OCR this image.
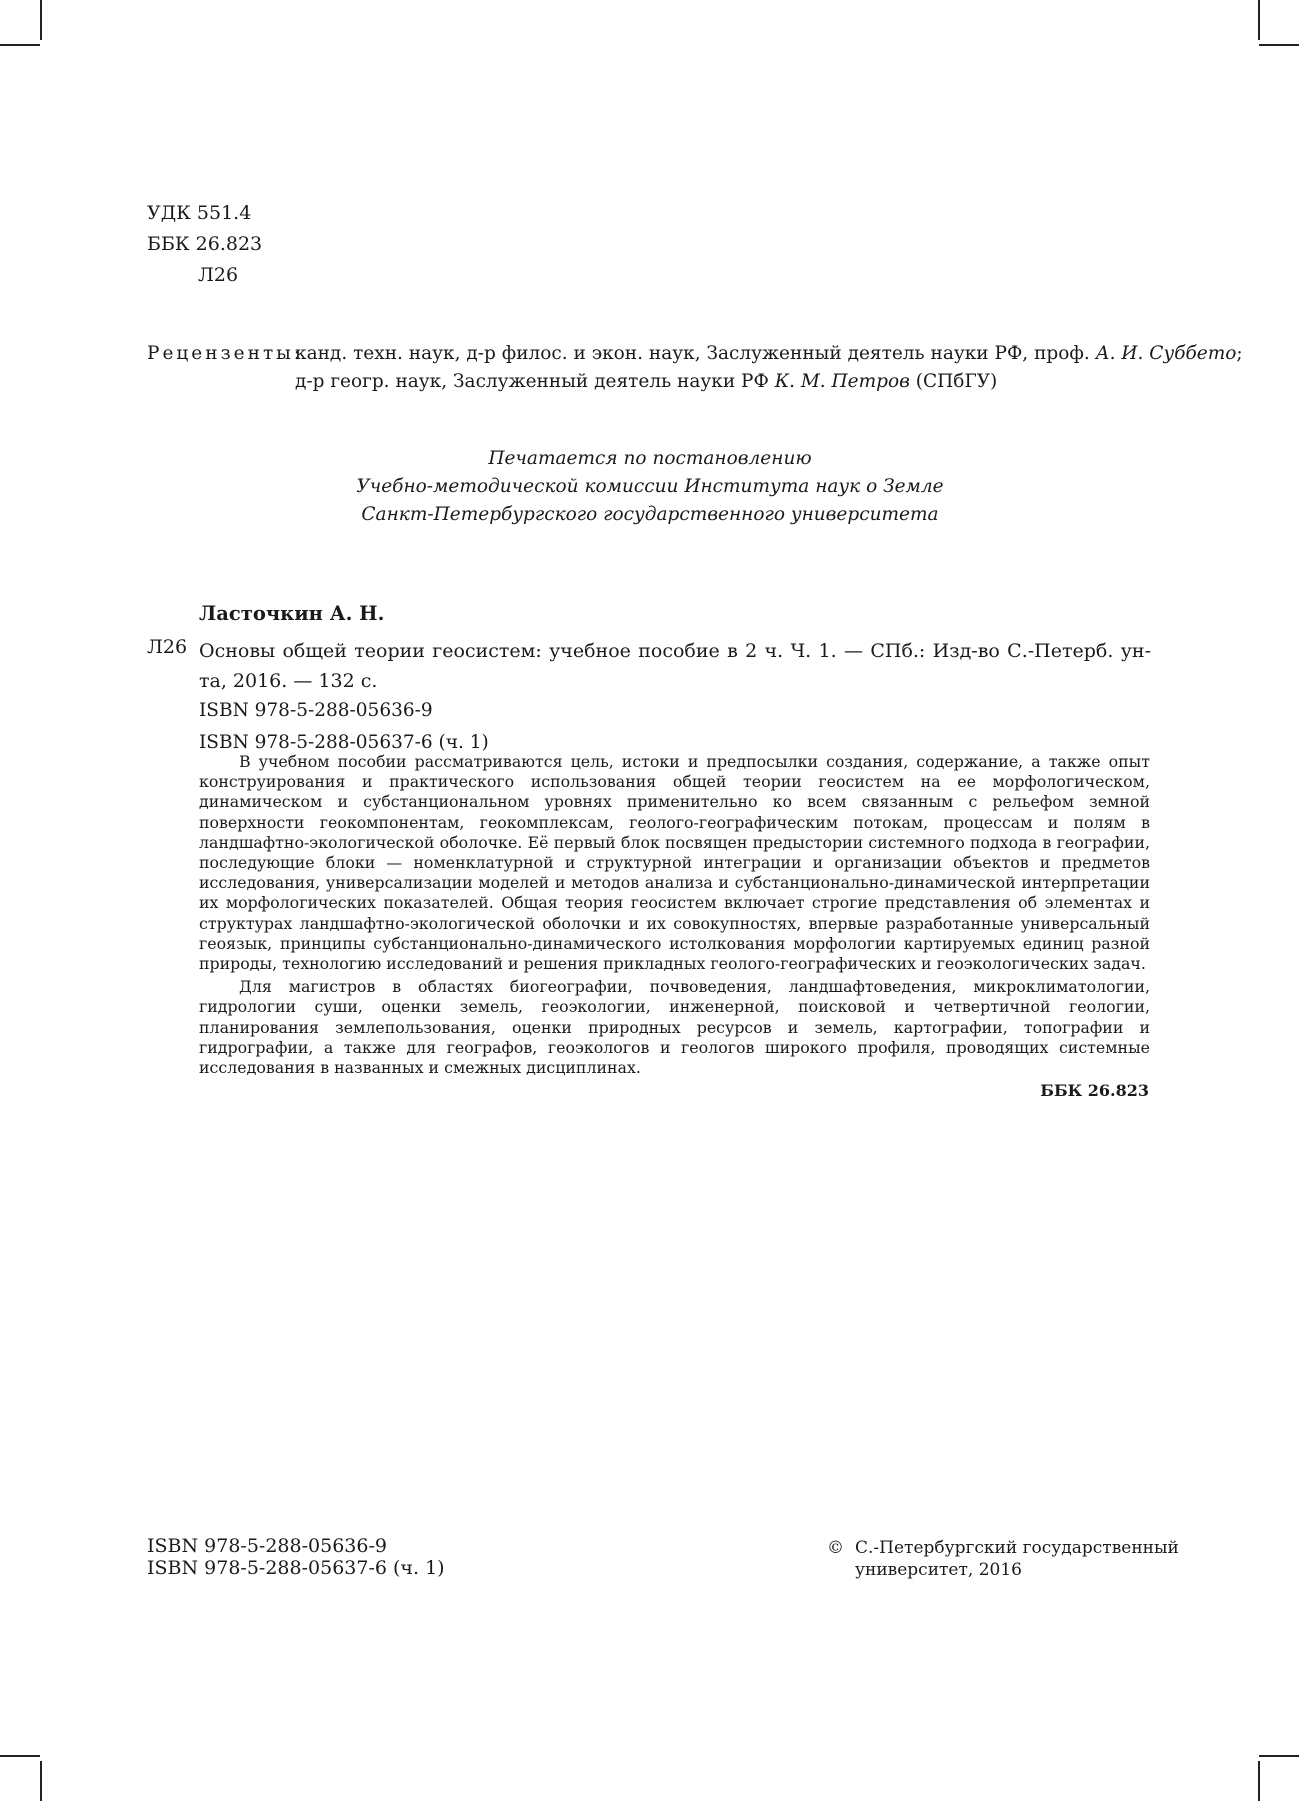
УДК 551.4
ББК 26.823
Л26
Рецензенты:
канд. техн. наук, д-р филос. и экон. наук, Заслуженный деятель науки РФ, проф. А. И. Суббето;
д-р геогр. наук, Заслуженный деятель науки РФ К. М. Петров (СПбГУ)
Печатается по постановлению
Учебно-методической комиссии Института наук о Земле
Санкт-Петербургского государственного университета
Ласточкин А. Н.
Л26 Основы общей теории геосистем: учебное пособие в 2 ч. Ч. 1. — СПб.: Изд-во С.-Петерб. ун-та, 2016. — 132 с.
ISBN 978-5-288-05636-9
ISBN 978-5-288-05637-6 (ч. 1)

В учебном пособии рассматриваются цель, истоки и предпосылки создания, содержание, а также опыт конструирования и практического использования общей теории геосистем на ее морфологическом, динамическом и субстанциональном уровнях применительно ко всем связанным с рельефом земной поверхности геокомпонентам, геокомплексам, геолого-географическим потокам, процессам и полям в ландшафтно-экологической оболочке. Её первый блок посвящен предыстории системного подхода в географии, последующие блоки — номенклатурной и структурной интеграции и организации объектов и предметов исследования, универсализации моделей и методов анализа и субстанционально-динамической интерпретации их морфологических показателей. Общая теория геосистем включает строгие представления об элементах и структурах ландшафтно-экологической оболочки и их совокупностях, впервые разработанные универсальный геоязык, принципы субстанционально-динамического истолкования морфологии картируемых единиц разной природы, технологию исследований и решения прикладных геолого-географических и геоэкологических задач.

Для магистров в областях биогеографии, почвоведения, ландшафтоведения, микроклиматологии, гидрологии суши, оценки земель, геоэкологии, инженерной, поисковой и четвертичной геологии, планирования землепользования, оценки природных ресурсов и земель, картографии, топографии и гидрографии, а также для географов, геоэкологов и геологов широкого профиля, проводящих системные исследования в названных и смежных дисциплинах.

ББК 26.823
ISBN 978-5-288-05636-9
ISBN 978-5-288-05637-6 (ч. 1)
© С.-Петербургский государственный
университет, 2016
